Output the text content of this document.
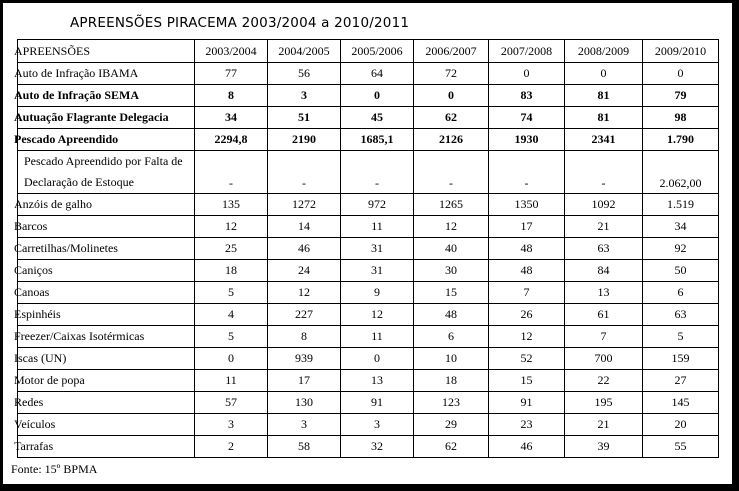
APREENSÕES PIRACEMA 2003/2004 a 2010/2011
APREENSÕES	2003/2004	2004/2005	2005/2006	2006/2007	2007/2008	2008/2009	2009/2010
Auto de Infração IBAMA	77	56	64	72	0	0	0
Auto de Infração SEMA	8	3	0	0	83	81	79
Autuação Flagrante Delegacia	34	51	45	62	74	81	98
Pescado Apreendido	2294,8	2190	1685,1	2126	1930	2341	1.790
Pescado Apreendido por Falta de Declaração de Estoque	-	-	-	-	-	-	2.062,00
Anzóis de galho	135	1272	972	1265	1350	1092	1.519
Barcos	12	14	11	12	17	21	34
Carretilhas/Molinetes	25	46	31	40	48	63	92
Caniços	18	24	31	30	48	84	50
Canoas	5	12	9	15	7	13	6
Espinhéis	4	227	12	48	26	61	63
Freezer/Caixas Isotérmicas	5	8	11	6	12	7	5
Iscas (UN)	0	939	0	10	52	700	159
Motor de popa	11	17	13	18	15	22	27
Redes	57	130	91	123	91	195	145
Veículos	3	3	3	29	23	21	20
Tarrafas	2	58	32	62	46	39	55
Fonte: 15º BPMA
